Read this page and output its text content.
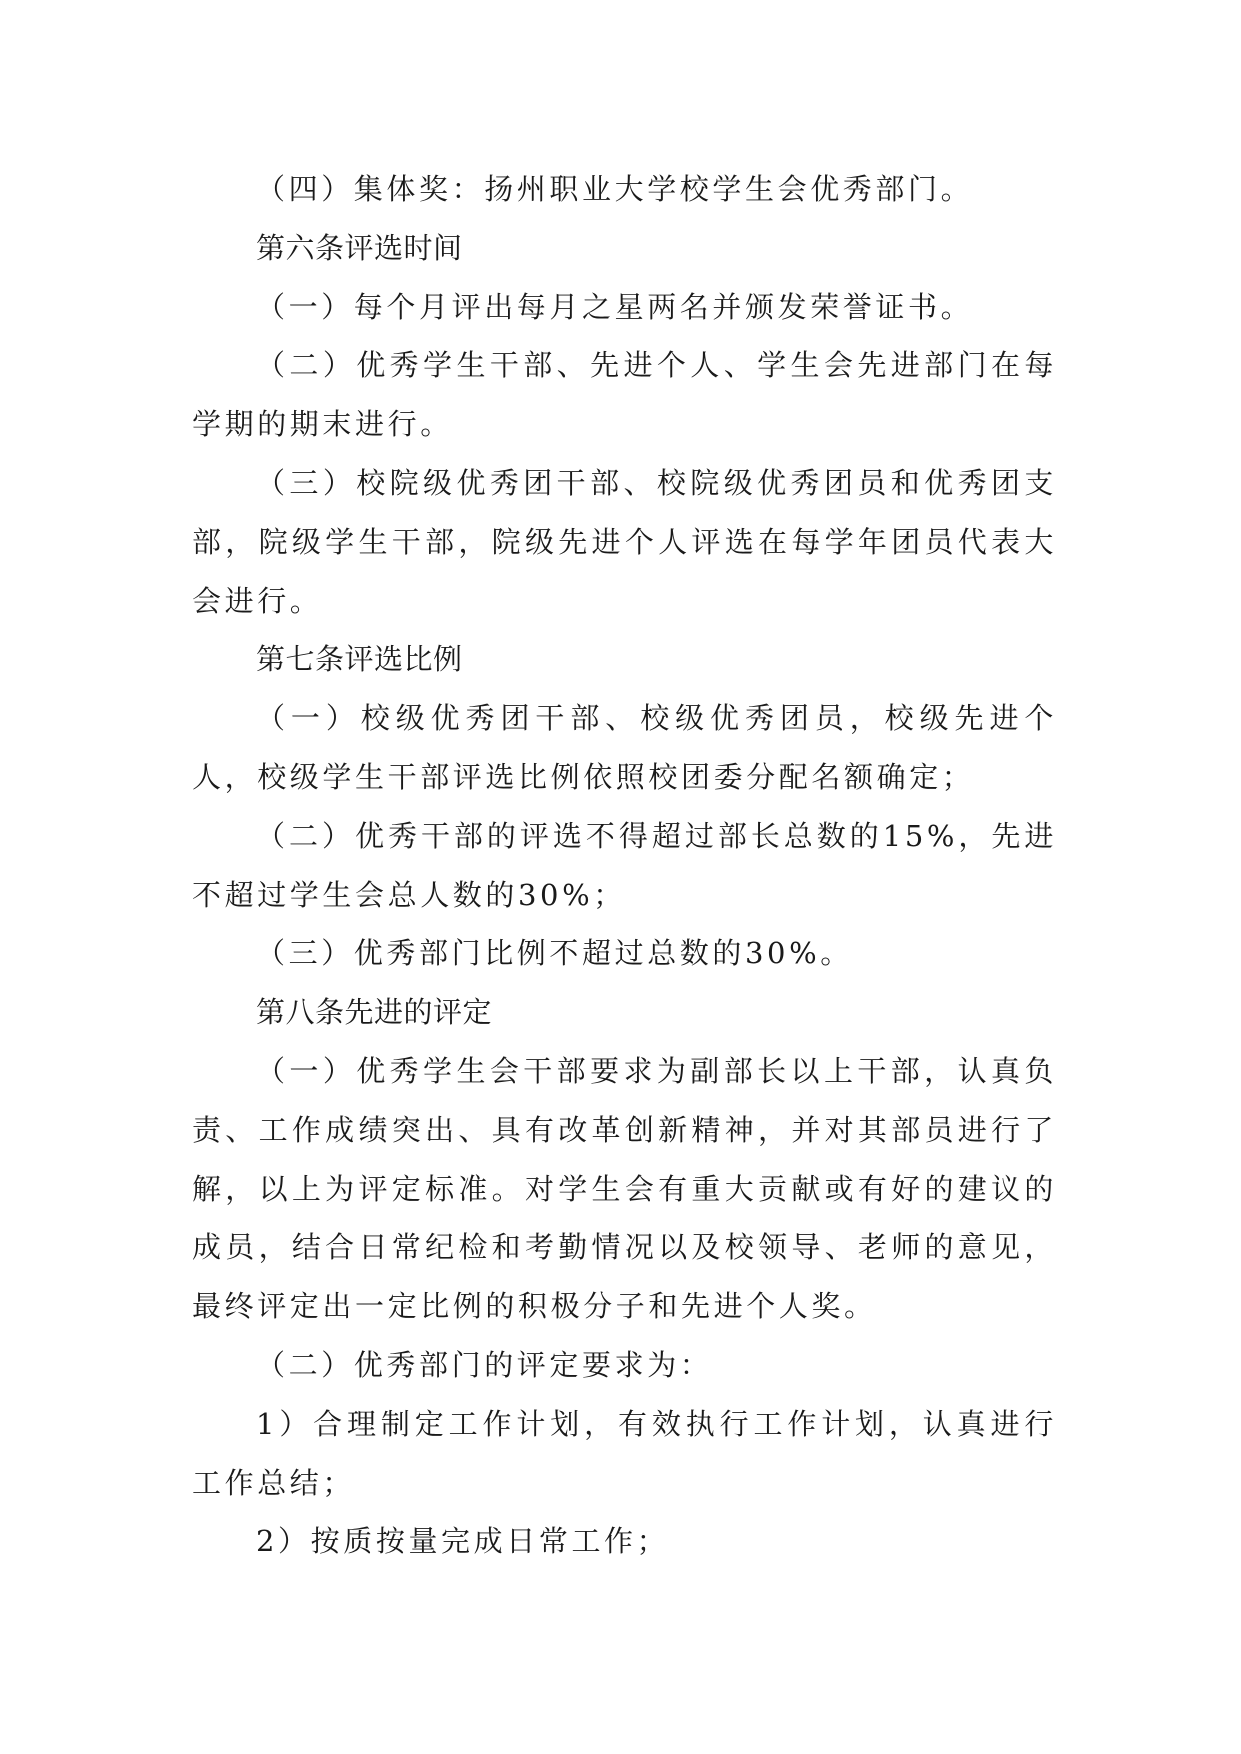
（四）集体奖：扬州职业大学校学生会优秀部门。

第六条评选时间

（一）每个月评出每月之星两名并颁发荣誉证书。

（二）优秀学生干部、先进个人、学生会先进部门在每学期的期末进行。

（三）校院级优秀团干部、校院级优秀团员和优秀团支部，院级学生干部，院级先进个人评选在每学年团员代表大会进行。

第七条评选比例

（一）校级优秀团干部、校级优秀团员，校级先进个人，校级学生干部评选比例依照校团委分配名额确定；

（二）优秀干部的评选不得超过部长总数的15%，先进不超过学生会总人数的30%；

（三）优秀部门比例不超过总数的30%。

第八条先进的评定

（一）优秀学生会干部要求为副部长以上干部，认真负责、工作成绩突出、具有改革创新精神，并对其部员进行了解，以上为评定标准。对学生会有重大贡献或有好的建议的成员，结合日常纪检和考勤情况以及校领导、老师的意见，最终评定出一定比例的积极分子和先进个人奖。

（二）优秀部门的评定要求为：

1）合理制定工作计划，有效执行工作计划，认真进行工作总结；

2）按质按量完成日常工作；
